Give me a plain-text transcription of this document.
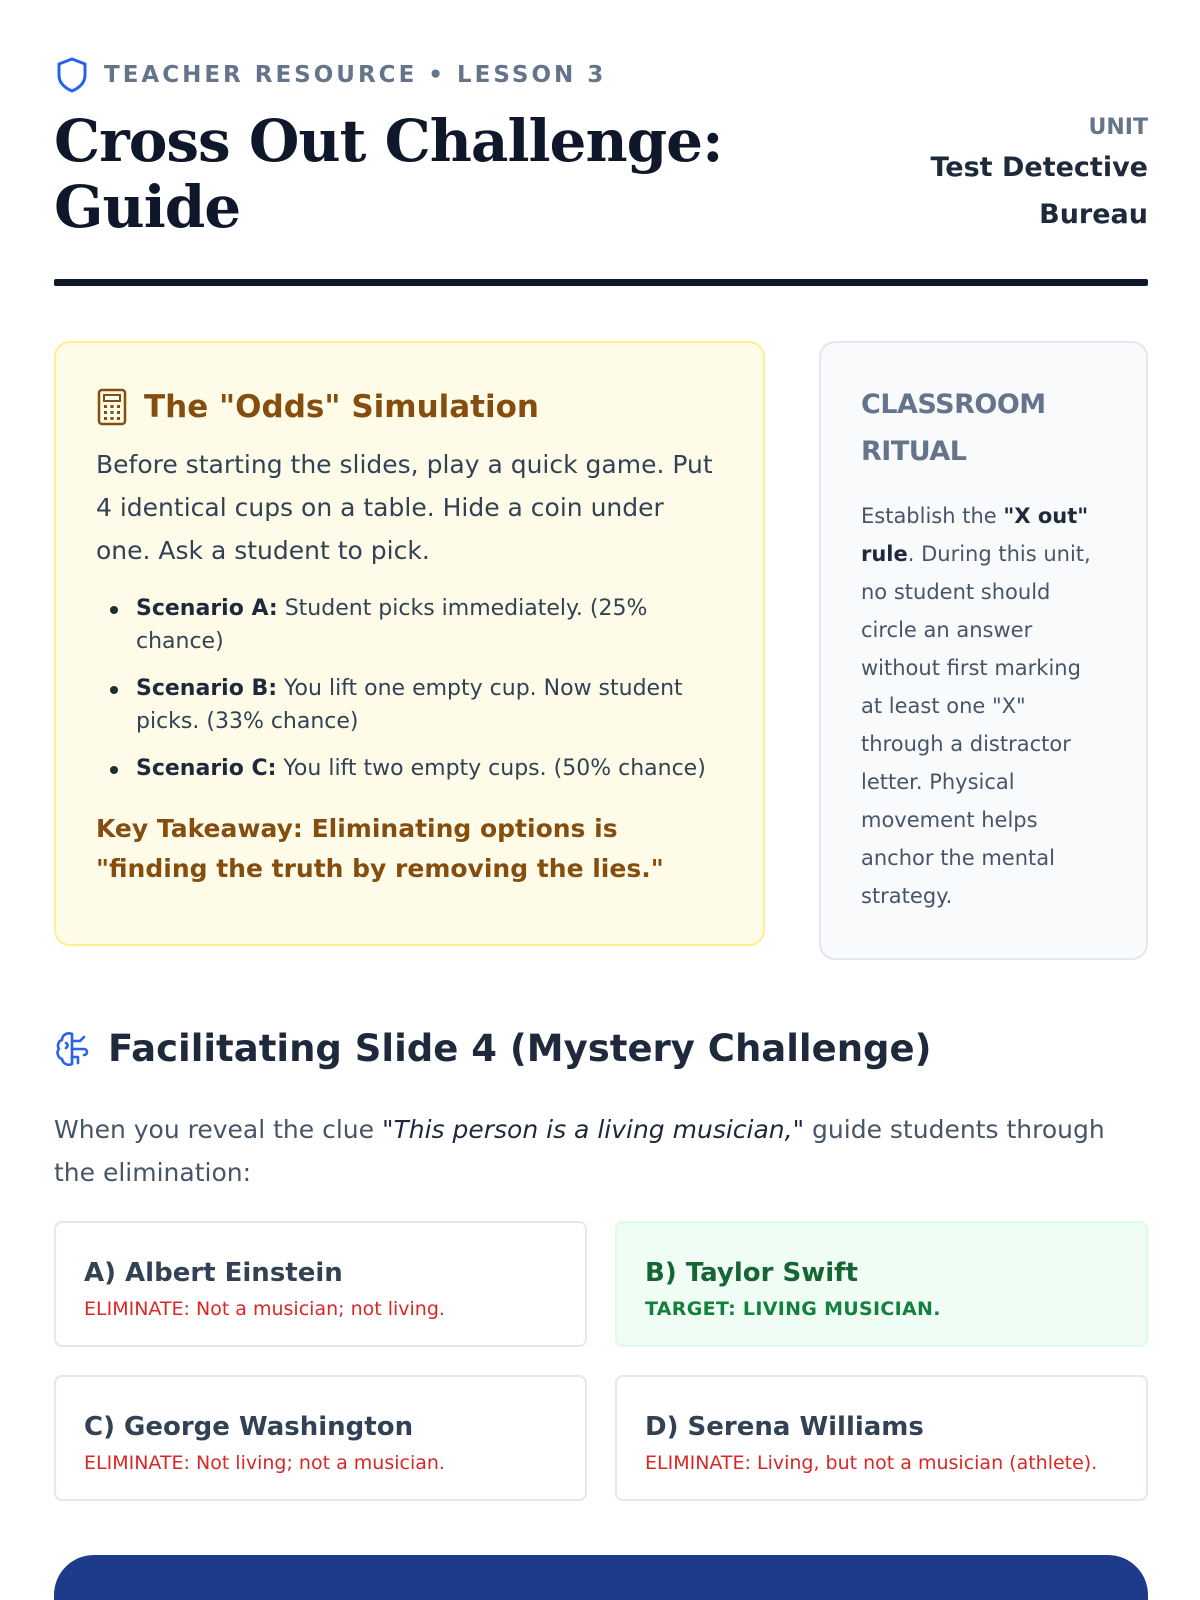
TEACHER RESOURCE • LESSON 3
Cross Out Challenge: Guide
UNIT
Test Detective Bureau
The "Odds" Simulation

Before starting the slides, play a quick game. Put 4 identical cups on a table. Hide a coin under one. Ask a student to pick.

Scenario A: Student picks immediately. (25% chance)
Scenario B: You lift one empty cup. Now student picks. (33% chance)
Scenario C: You lift two empty cups. (50% chance)

Key Takeaway: Eliminating options is "finding the truth by removing the lies."

CLASSROOM RITUAL

Establish the "X out" rule. During this unit, no student should circle an answer without first marking at least one "X" through a distractor letter. Physical movement helps anchor the mental strategy.

Facilitating Slide 4 (Mystery Challenge)

When you reveal the clue "This person is a living musician," guide students through the elimination:

A) Albert Einstein
ELIMINATE: Not a musician; not living.
B) Taylor Swift
TARGET: LIVING MUSICIAN.
C) George Washington
ELIMINATE: Not living; not a musician.
D) Serena Williams
ELIMINATE: Living, but not a musician (athlete).
